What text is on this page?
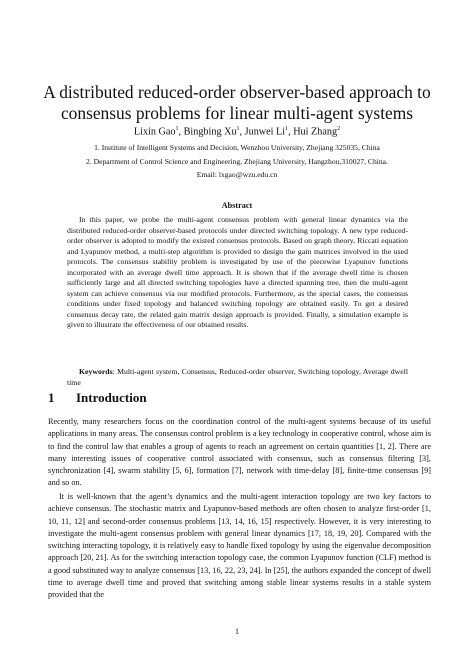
A distributed reduced-order observer-based approach to consensus problems for linear multi-agent systems
Lixin Gao$^1$, Bingbing Xu$^1$, Junwei Li$^1$, Hui Zhang$^2$
1. Institute of Intelligent Systems and Decision, Wenzhou University, Zhejiang 325035, China
2. Department of Control Science and Engineering, Zhejiang University, Hangzhou,310027, China.
Email: lxgao@wzu.edu.cn
Abstract
In this paper, we probe the multi-agent consensus problem with general linear dynamics via the distributed reduced-order observer-based protocols under directed switching topology. A new type reduced-order observer is adopted to modify the existed consensus protocols. Based on graph theory, Riccati equation and Lyapunov method, a multi-step algorithm is provided to design the gain matrices involved in the used protocols. The consensus stability problem is investigated by use of the piecewise Lyapunov functions incorporated with an average dwell time approach. It is shown that if the average dwell time is chosen sufficiently large and all directed switching topologies have a directed spanning tree, then the multi-agent system can achieve consensus via our modified protocols. Furthermore, as the special cases, the consensus conditions under fixed topology and balanced switching topology are obtained easily. To get a desired consensus decay rate, the related gain matrix design approach is provided. Finally, a simulation example is given to illustrate the effectiveness of our obtained results.
Keywords: Multi-agent system, Consensus, Reduced-order observer, Switching topology, Average dwell time
1 Introduction
Recently, many researchers focus on the coordination control of the multi-agent systems because of its useful applications in many areas. The consensus control problem is a key technology in cooperative control, whose aim is to find the control law that enables a group of agents to reach an agreement on certain quantities [1, 2]. There are many interesting issues of cooperative control associated with consensus, such as consensus filtering [3], synchronization [4], swarm stability [5, 6], formation [7], network with time-delay [8], finite-time consensus [9] and so on.
It is well-known that the agent’s dynamics and the multi-agent interaction topology are two key factors to achieve consensus. The stochastic matrix and Lyapunov-based methods are often chosen to analyze first-order [1, 10, 11, 12] and second-order consensus problems [13, 14, 16, 15] respectively. However, it is very interesting to investigate the multi-agent consensus problem with general linear dynamics [17, 18, 19, 20]. Compared with the switching interacting topology, it is relatively easy to handle fixed topology by using the eigenvalue decomposition approach [20, 21]. As for the switching interaction topology case, the common Lyapunov function (CLF) method is a good substituted way to analyze consensus [13, 16, 22, 23, 24]. In [25], the authors expanded the concept of dwell time to average dwell time and proved that switching among stable linear systems results in a stable system provided that the
1
